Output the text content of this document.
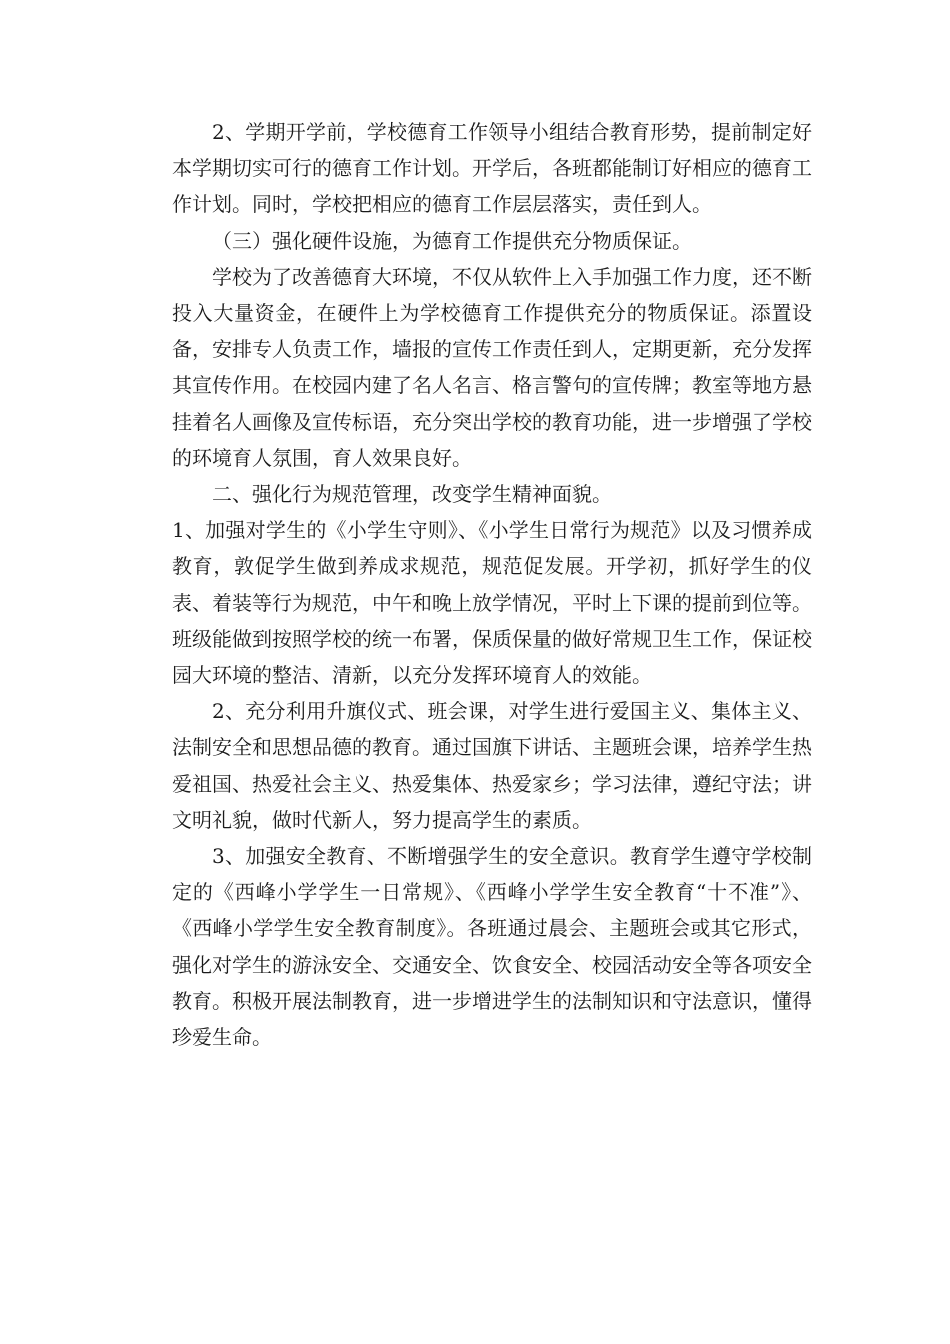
2、学期开学前，学校德育工作领导小组结合教育形势，提前制定好本学期切实可行的德育工作计划。开学后，各班都能制订好相应的德育工作计划。同时，学校把相应的德育工作层层落实，责任到人。

（三）强化硬件设施，为德育工作提供充分物质保证。

学校为了改善德育大环境，不仅从软件上入手加强工作力度，还不断投入大量资金，在硬件上为学校德育工作提供充分的物质保证。添置设备，安排专人负责工作，墙报的宣传工作责任到人，定期更新，充分发挥其宣传作用。在校园内建了名人名言、格言警句的宣传牌；教室等地方悬挂着名人画像及宣传标语，充分突出学校的教育功能，进一步增强了学校的环境育人氛围，育人效果良好。

二、强化行为规范管理，改变学生精神面貌。

1、加强对学生的《小学生守则》、《小学生日常行为规范》以及习惯养成教育，敦促学生做到养成求规范，规范促发展。开学初，抓好学生的仪表、着装等行为规范，中午和晚上放学情况，平时上下课的提前到位等。班级能做到按照学校的统一布署，保质保量的做好常规卫生工作，保证校园大环境的整洁、清新，以充分发挥环境育人的效能。

2、充分利用升旗仪式、班会课，对学生进行爱国主义、集体主义、法制安全和思想品德的教育。通过国旗下讲话、主题班会课，培养学生热爱祖国、热爱社会主义、热爱集体、热爱家乡；学习法律，遵纪守法；讲文明礼貌，做时代新人，努力提高学生的素质。

3、加强安全教育、不断增强学生的安全意识。教育学生遵守学校制定的《西峰小学学生一日常规》、《西峰小学学生安全教育“十不准”》、《西峰小学学生安全教育制度》。各班通过晨会、主题班会或其它形式，强化对学生的游泳安全、交通安全、饮食安全、校园活动安全等各项安全教育。积极开展法制教育，进一步增进学生的法制知识和守法意识，懂得珍爱生命。
